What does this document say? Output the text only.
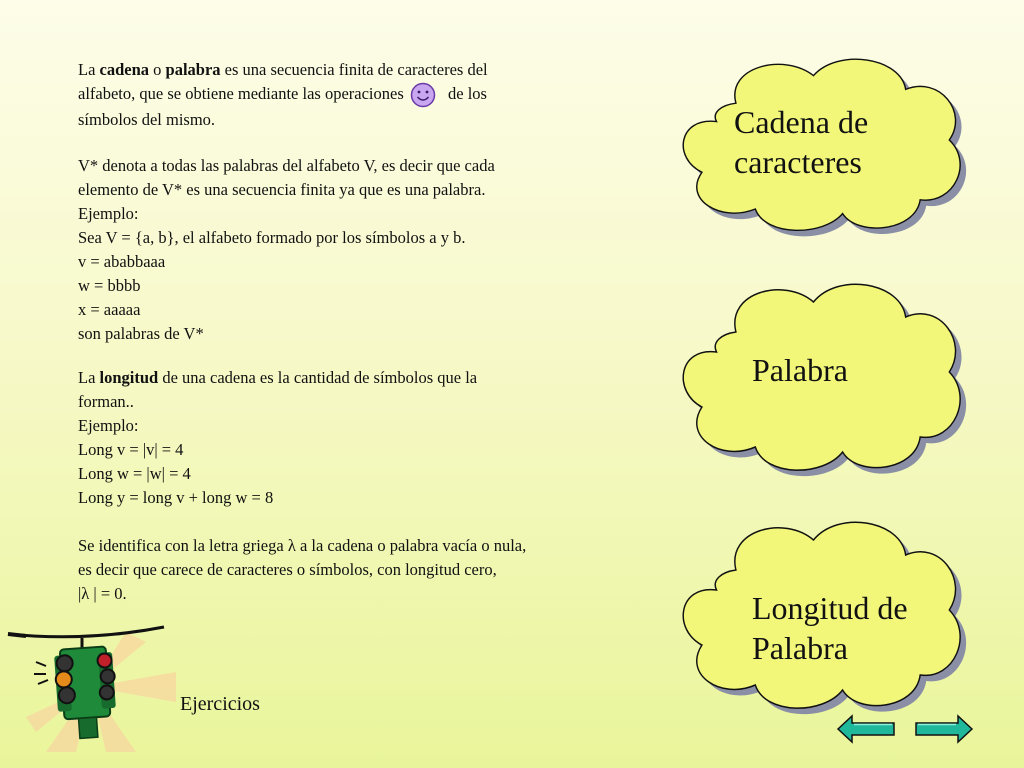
La cadena o palabra es una secuencia finita de caracteres del

alfabeto, que se obtiene mediante las operaciones	de los

símbolos del mismo.

V* denota a todas las palabras del alfabeto V, es decir que cada

elemento de V* es una secuencia finita ya que es una palabra.

Ejemplo:

Sea V = {a, b}, el alfabeto formado por los símbolos a y b.

v = ababbaaa

w = bbbb

x = aaaaa

son palabras de V*

La longitud de una cadena es la cantidad de símbolos que la

forman..

Ejemplo:

Long v = |v| = 4

Long w = |w| = 4

Long y = long v + long w = 8

Se identifica con la letra griega λ a la cadena o palabra vacía o nula,

es decir que carece de caracteres o símbolos, con longitud cero,

|λ | = 0.

Cadena de
caracteres
Palabra
Longitud de
Palabra
Ejercicios
